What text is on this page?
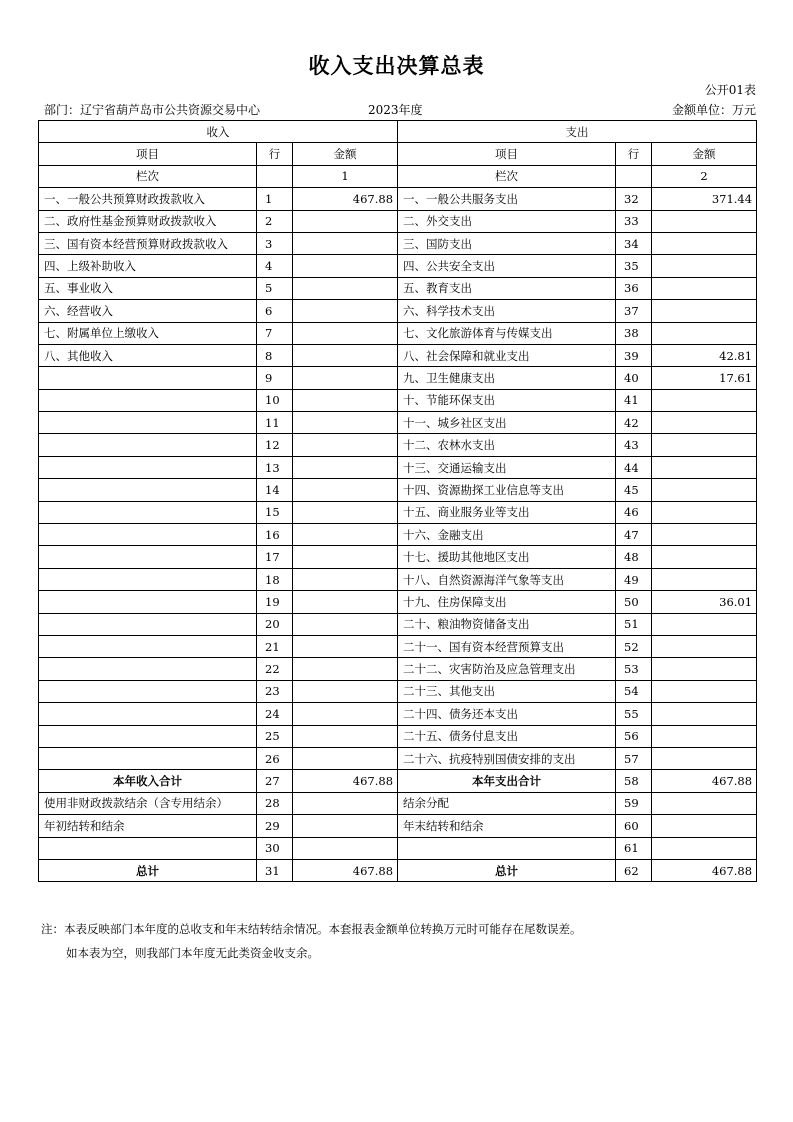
收入支出决算总表
公开01表
部门：辽宁省葫芦岛市公共资源交易中心	2023年度	金额单位：万元
收入			支出		
项目	行	金额	项目	行	金额
栏次		1	栏次		2
一、一般公共预算财政拨款收入	1	467.88	一、一般公共服务支出	32	371.44
二、政府性基金预算财政拨款收入	2		二、外交支出	33	
三、国有资本经营预算财政拨款收入	3		三、国防支出	34	
四、上级补助收入	4		四、公共安全支出	35	
五、事业收入	5		五、教育支出	36	
六、经营收入	6		六、科学技术支出	37	
七、附属单位上缴收入	7		七、文化旅游体育与传媒支出	38	
八、其他收入	8		八、社会保障和就业支出	39	42.81
	9		九、卫生健康支出	40	17.61
	10		十、节能环保支出	41	
	11		十一、城乡社区支出	42	
	12		十二、农林水支出	43	
	13		十三、交通运输支出	44	
	14		十四、资源勘探工业信息等支出	45	
	15		十五、商业服务业等支出	46	
	16		十六、金融支出	47	
	17		十七、援助其他地区支出	48	
	18		十八、自然资源海洋气象等支出	49	
	19		十九、住房保障支出	50	36.01
	20		二十、粮油物资储备支出	51	
	21		二十一、国有资本经营预算支出	52	
	22		二十二、灾害防治及应急管理支出	53	
	23		二十三、其他支出	54	
	24		二十四、债务还本支出	55	
	25		二十五、债务付息支出	56	
	26		二十六、抗疫特别国债安排的支出	57	
本年收入合计	27	467.88	本年支出合计	58	467.88
使用非财政拨款结余（含专用结余）	28		结余分配	59	
年初结转和结余	29		年末结转和结余	60	
	30			61	
总计	31	467.88	总计	62	467.88
注：本表反映部门本年度的总收支和年末结转结余情况。本套报表金额单位转换万元时可能存在尾数误差。
如本表为空，则我部门本年度无此类资金收支余。
